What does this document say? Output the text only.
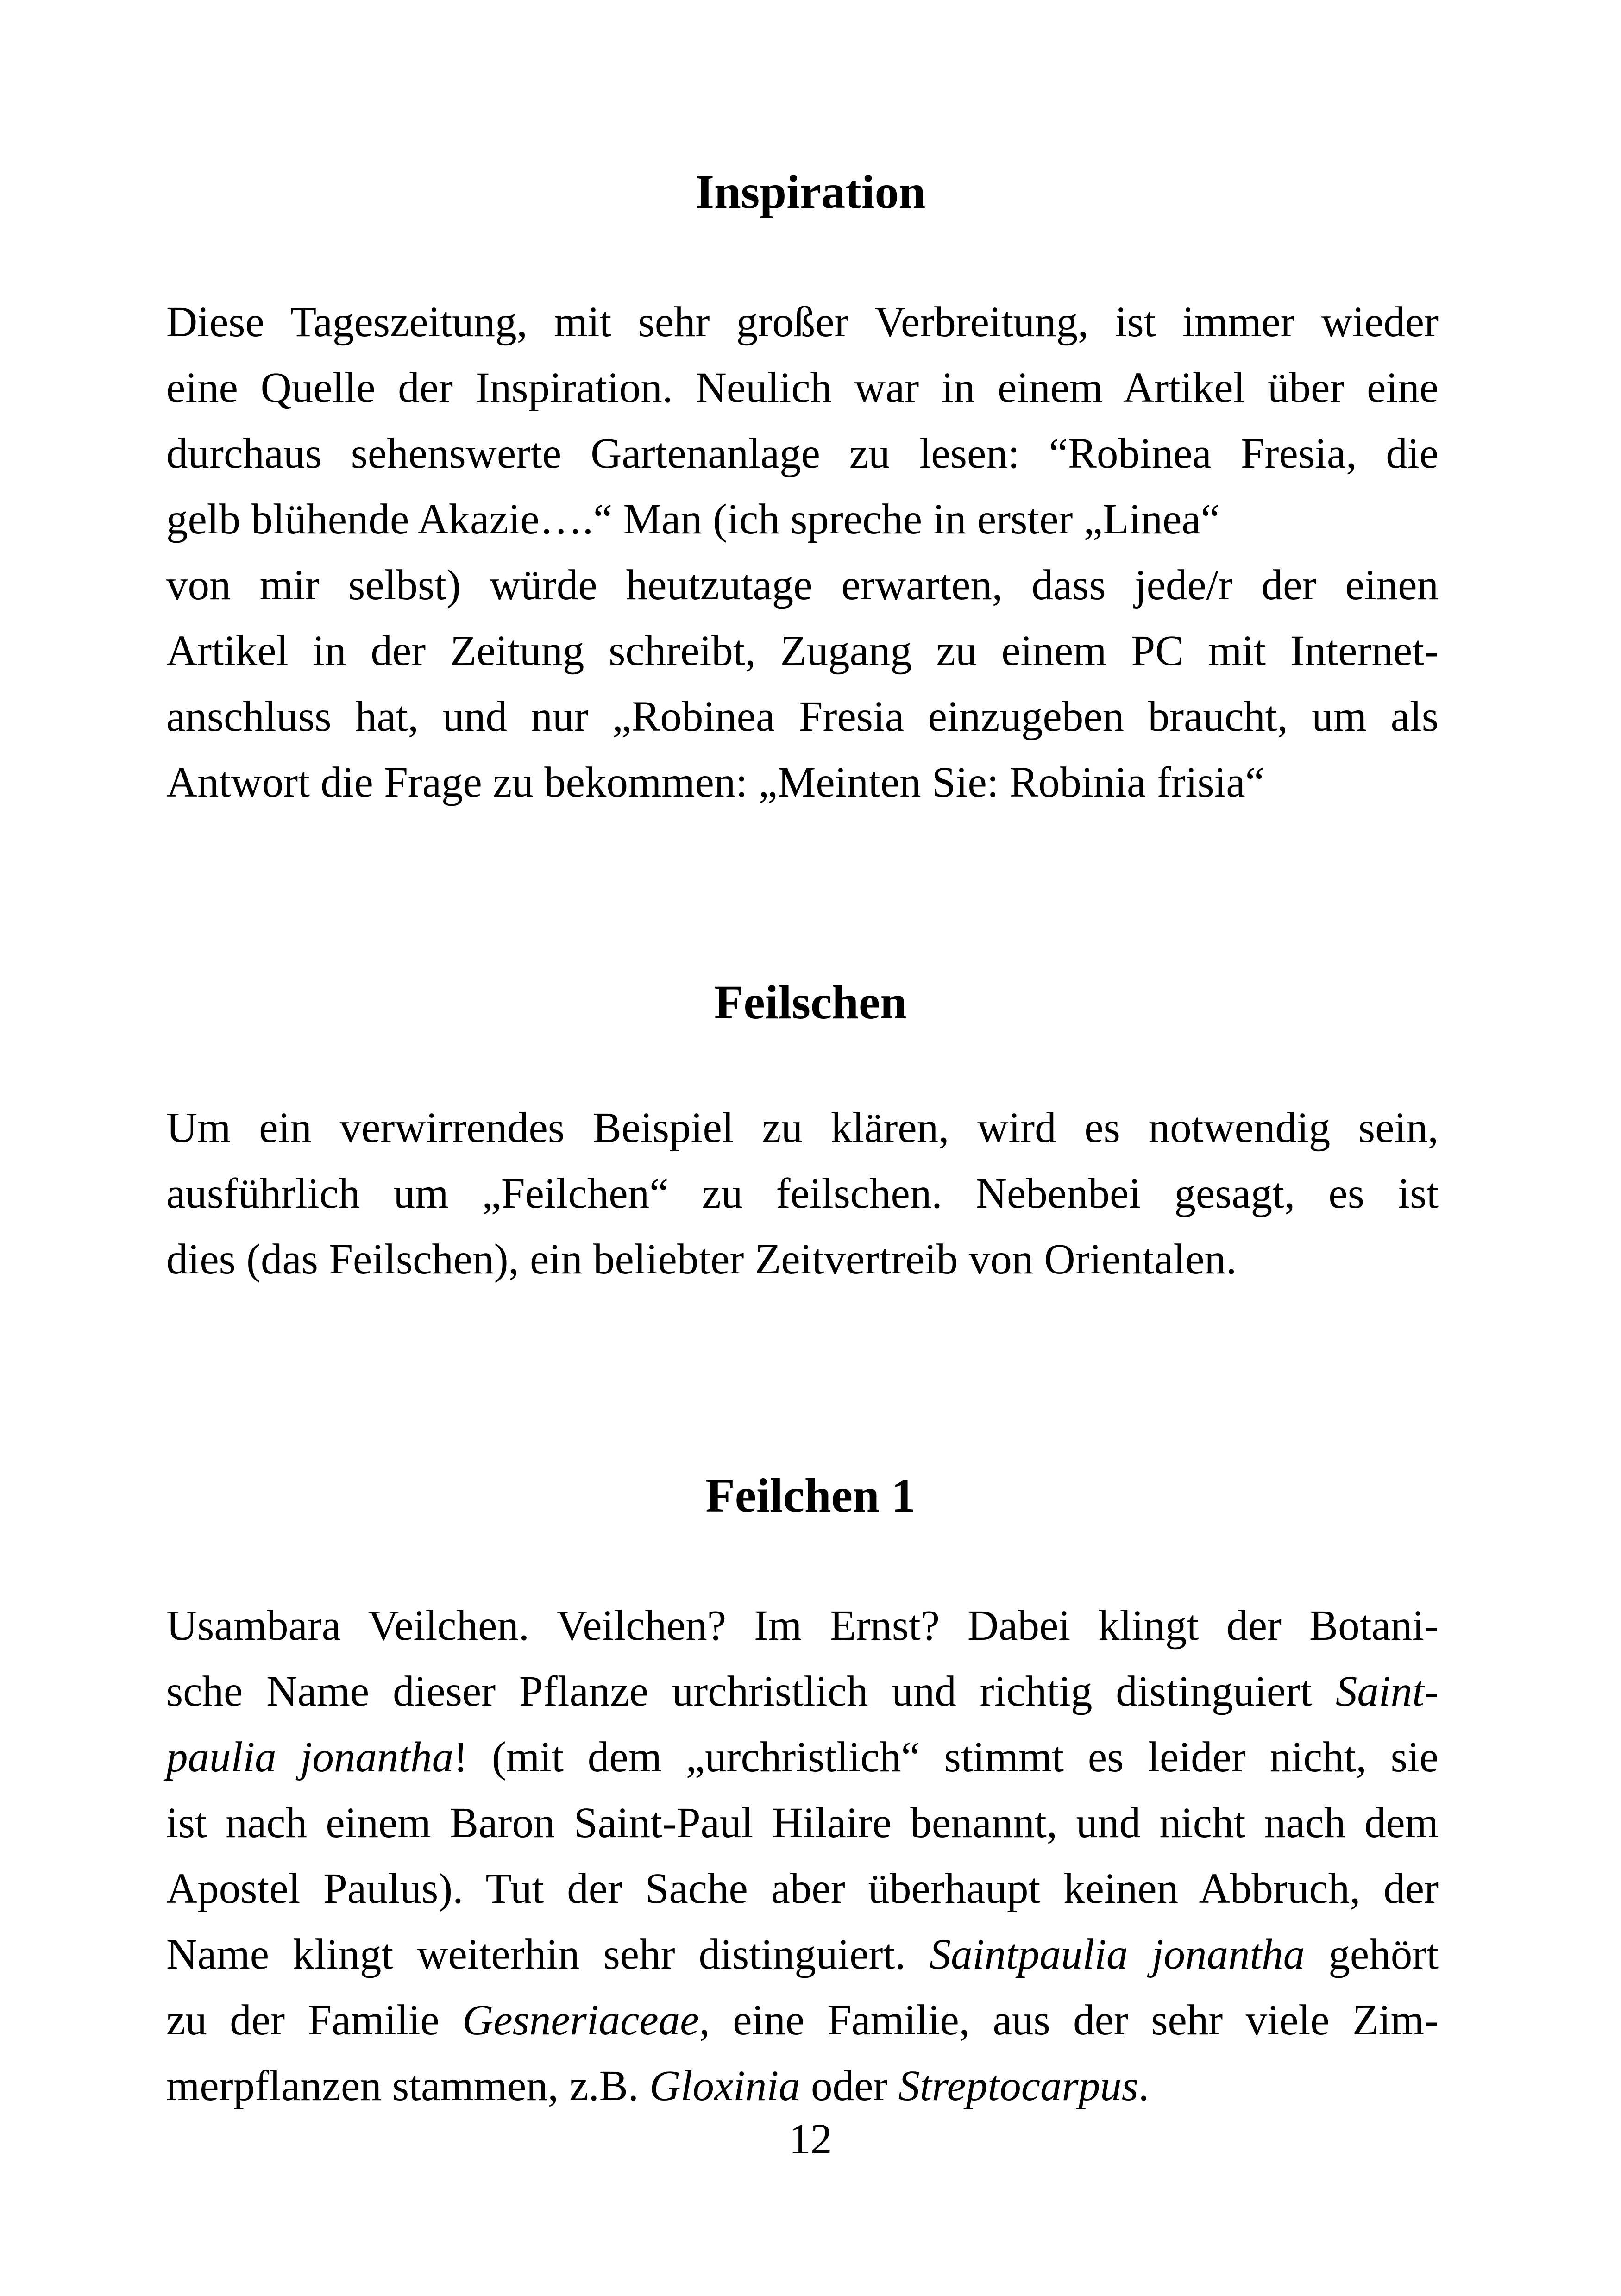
Inspiration
Diese Tageszeitung, mit sehr großer Verbreitung, ist immer wieder
eine Quelle der Inspiration. Neulich war in einem Artikel über eine
durchaus sehenswerte Gartenanlage zu lesen: “Robinea Fresia, die
gelb blühende Akazie….“ Man (ich spreche in erster „Linea“
von mir selbst) würde heutzutage erwarten, dass jede/r der einen
Artikel in der Zeitung schreibt, Zugang zu einem PC mit Internet-
anschluss hat, und nur „Robinea Fresia einzugeben braucht, um als
Antwort die Frage zu bekommen: „Meinten Sie: Robinia frisia“
Feilschen
Um ein verwirrendes Beispiel zu klären, wird es notwendig sein,
ausführlich um „Feilchen“ zu feilschen. Nebenbei gesagt, es ist
dies (das Feilschen), ein beliebter Zeitvertreib von Orientalen.
Feilchen 1
Usambara Veilchen. Veilchen? Im Ernst? Dabei klingt der Botani-
sche Name dieser Pflanze urchristlich und richtig distinguiert Saint-
paulia jonantha! (mit dem „urchristlich“ stimmt es leider nicht, sie
ist nach einem Baron Saint-Paul Hilaire benannt, und nicht nach dem
Apostel Paulus). Tut der Sache aber überhaupt keinen Abbruch, der
Name klingt weiterhin sehr distinguiert. Saintpaulia jonantha gehört
zu der Familie Gesneriaceae, eine Familie, aus der sehr viele Zim-
merpflanzen stammen, z.B. Gloxinia oder Streptocarpus.
12
